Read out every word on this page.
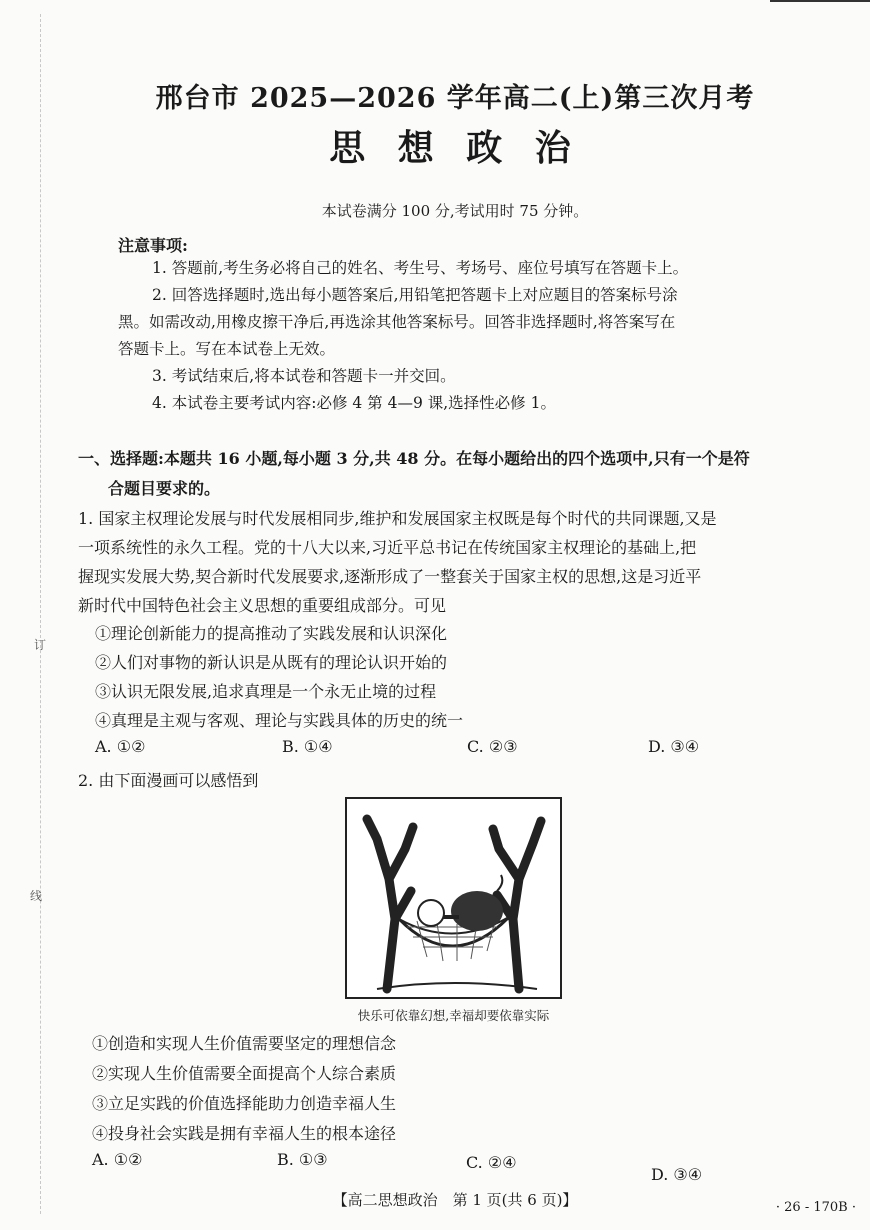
订
线
邢台市 2025—2026 学年高二(上)第三次月考
思 想 政 治
本试卷满分 100 分,考试用时 75 分钟。
注意事项:
1. 答题前,考生务必将自己的姓名、考生号、考场号、座位号填写在答题卡上。
2. 回答选择题时,选出每小题答案后,用铅笔把答题卡上对应题目的答案标号涂
黑。如需改动,用橡皮擦干净后,再选涂其他答案标号。回答非选择题时,将答案写在
答题卡上。写在本试卷上无效。
3. 考试结束后,将本试卷和答题卡一并交回。
4. 本试卷主要考试内容:必修 4 第 4—9 课,选择性必修 1。
一、选择题:本题共 16 小题,每小题 3 分,共 48 分。在每小题给出的四个选项中,只有一个是符
合题目要求的。
1. 国家主权理论发展与时代发展相同步,维护和发展国家主权既是每个时代的共同课题,又是
一项系统性的永久工程。党的十八大以来,习近平总书记在传统国家主权理论的基础上,把
握现实发展大势,契合新时代发展要求,逐渐形成了一整套关于国家主权的思想,这是习近平
新时代中国特色社会主义思想的重要组成部分。可见
①理论创新能力的提高推动了实践发展和认识深化
②人们对事物的新认识是从既有的理论认识开始的
③认识无限发展,追求真理是一个永无止境的过程
④真理是主观与客观、理论与实践具体的历史的统一
A. ①②	B. ①④	C. ②③	D. ③④
2. 由下面漫画可以感悟到
快乐可依靠幻想,幸福却要依靠实际
①创造和实现人生价值需要坚定的理想信念
②实现人生价值需要全面提高个人综合素质
③立足实践的价值选择能助力创造幸福人生
④投身社会实践是拥有幸福人生的根本途径
A. ①②	B. ①③	C. ②④
D. ③④
【高二思想政治　第 1 页(共 6 页)】	· 26 - 170B ·
